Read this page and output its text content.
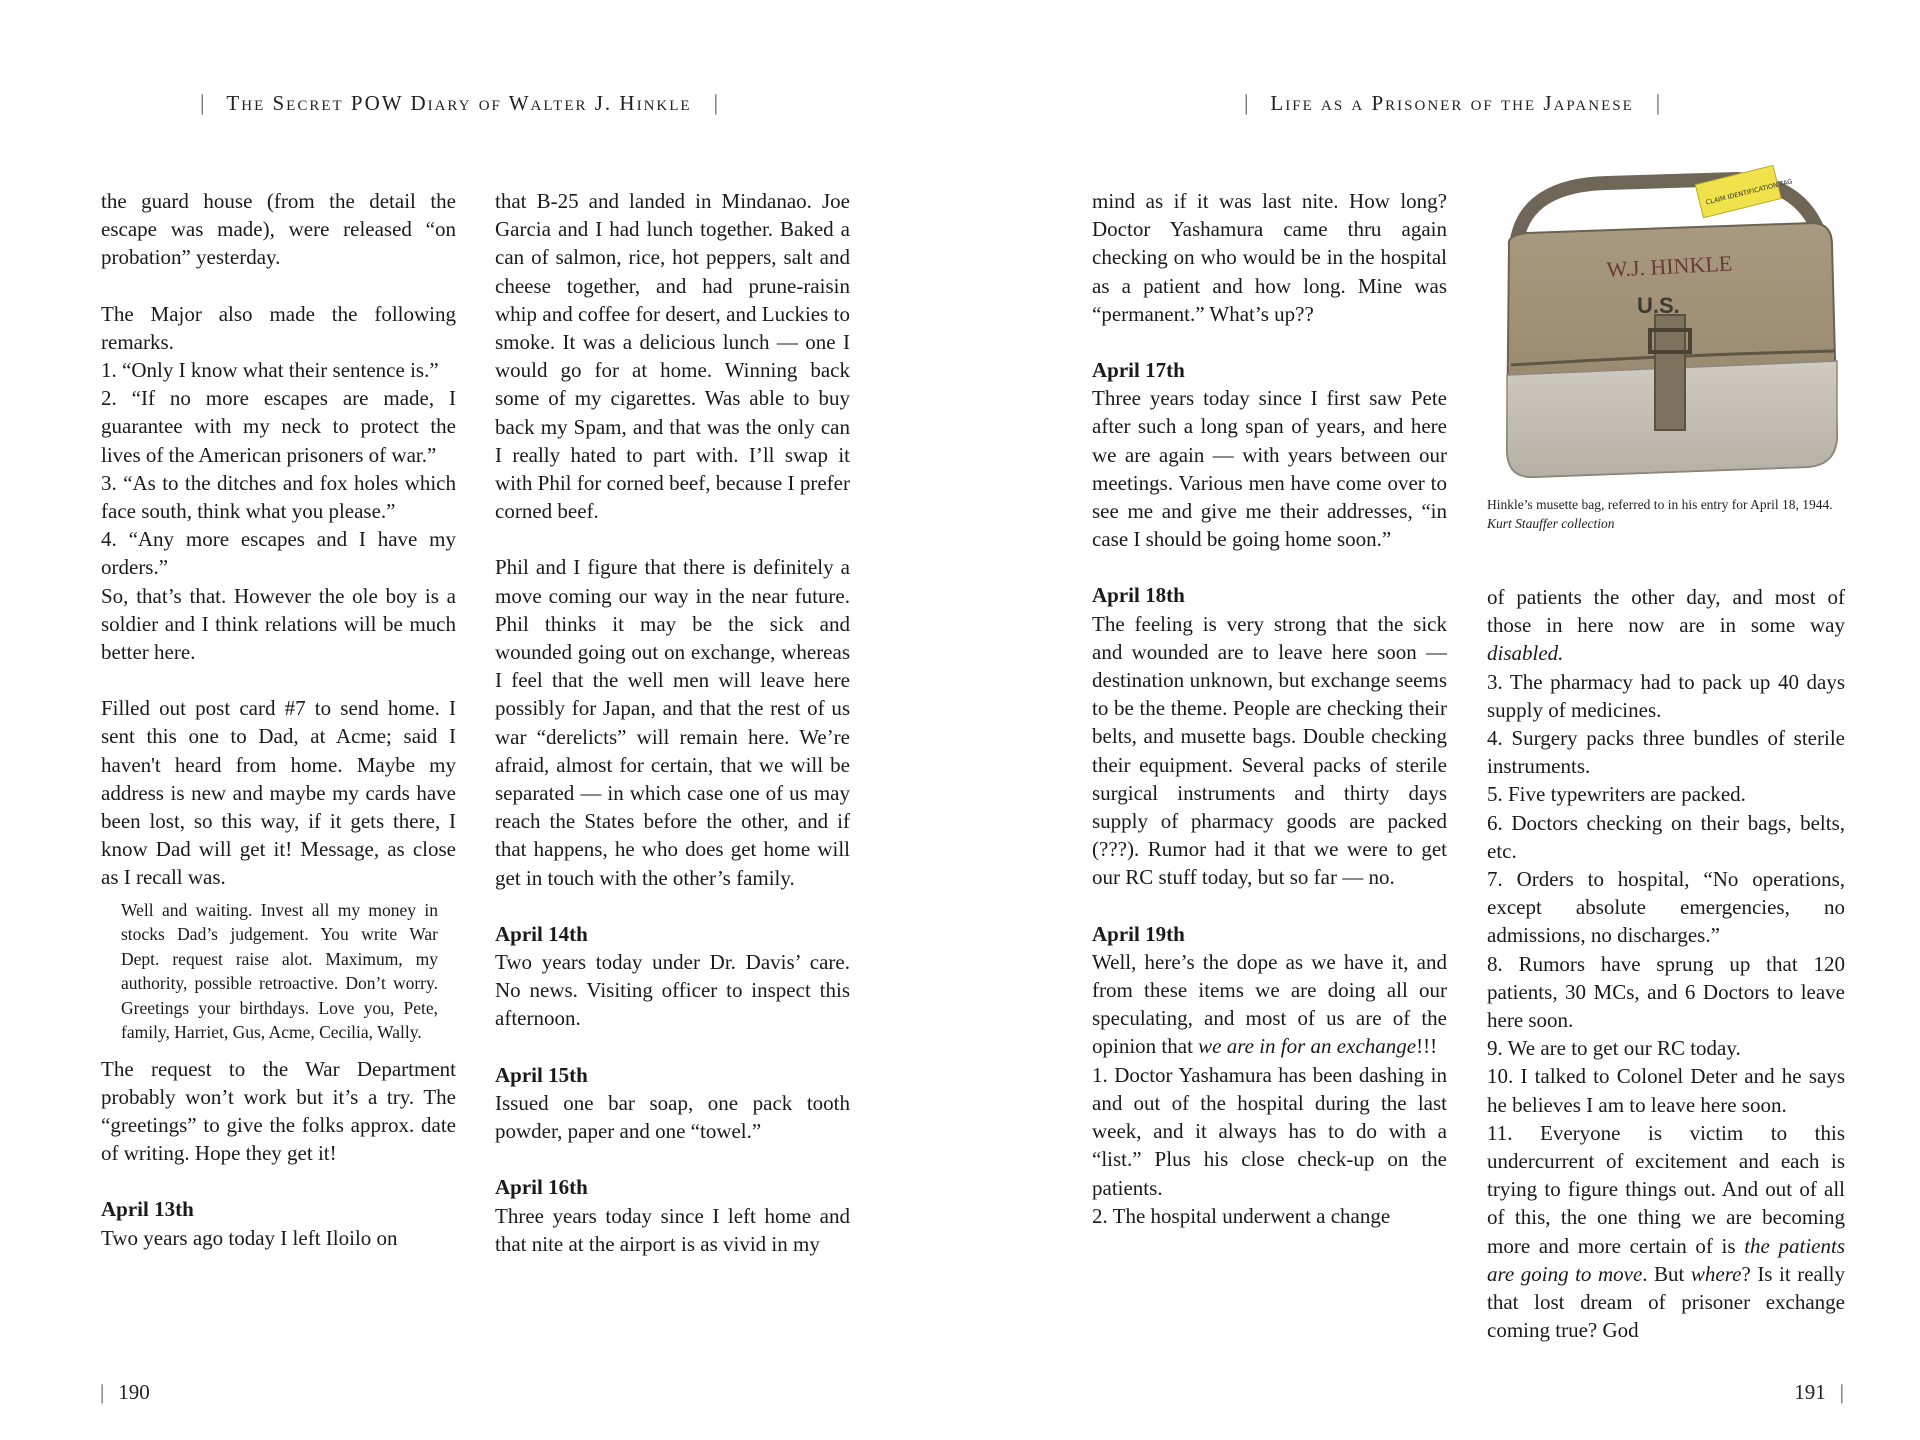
| The Secret POW Diary of Walter J. Hinkle |

the guard house (from the detail the escape was made), were released “on probation” yesterday.

The Major also made the following remarks.

1. “Only I know what their sentence is.”

2. “If no more escapes are made, I guarantee with my neck to protect the lives of the American prisoners of war.”

3. “As to the ditches and fox holes which face south, think what you please.”

4. “Any more escapes and I have my orders.”

So, that’s that. However the ole boy is a soldier and I think relations will be much better here.

Filled out post card #7 to send home. I sent this one to Dad, at Acme; said I haven't heard from home. Maybe my address is new and maybe my cards have been lost, so this way, if it gets there, I know Dad will get it! Message, as close as I recall was.

Well and waiting. Invest all my money in stocks Dad’s judgement. You write War Dept. request raise alot. Maximum, my authority, possible retroactive. Don’t worry. Greetings your birthdays. Love you, Pete, family, Harriet, Gus, Acme, Cecilia, Wally.

The request to the War Department probably won’t work but it’s a try. The “greetings” to give the folks approx. date of writing. Hope they get it!

April 13th

Two years ago today I left Iloilo on

that B-25 and landed in Mindanao. Joe Garcia and I had lunch together. Baked a can of salmon, rice, hot peppers, salt and cheese together, and had prune-raisin whip and coffee for desert, and Luckies to smoke. It was a delicious lunch — one I would go for at home. Winning back some of my cigarettes. Was able to buy back my Spam, and that was the only can I really hated to part with. I’ll swap it with Phil for corned beef, because I prefer corned beef.

Phil and I figure that there is definitely a move coming our way in the near future. Phil thinks it may be the sick and wounded going out on exchange, whereas I feel that the well men will leave here possibly for Japan, and that the rest of us war “derelicts” will remain here. We’re afraid, almost for certain, that we will be separated — in which case one of us may reach the States before the other, and if that happens, he who does get home will get in touch with the other’s family.

April 14th

Two years today under Dr. Davis’ care. No news. Visiting officer to inspect this afternoon.

April 15th

Issued one bar soap, one pack tooth powder, paper and one “towel.”

April 16th

Three years today since I left home and that nite at the airport is as vivid in my

| 190
| Life as a Prisoner of the Japanese |

mind as if it was last nite. How long? Doctor Yashamura came thru again checking on who would be in the hospital as a patient and how long. Mine was “permanent.” What’s up??

April 17th

Three years today since I first saw Pete after such a long span of years, and here we are again — with years between our meetings. Various men have come over to see me and give me their addresses, “in case I should be going home soon.”

April 18th

The feeling is very strong that the sick and wounded are to leave here soon — destination unknown, but exchange seems to be the theme. People are checking their belts, and musette bags. Double checking their equipment. Several packs of sterile surgical instruments and thirty days supply of pharmacy goods are packed (???). Rumor had it that we were to get our RC stuff today, but so far — no.

April 19th

Well, here’s the dope as we have it, and from these items we are doing all our speculating, and most of us are of the opinion that we are in for an exchange!!!

1. Doctor Yashamura has been dashing in and out of the hospital during the last week, and it always has to do with a “list.” Plus his close check-up on the patients.

2. The hospital underwent a change

W.J. HINKLE
U.S.
CLAIM IDENTIFICATION TAG
Hinkle’s musette bag, referred to in his entry for April 18, 1944. Kurt Stauffer collection

of patients the other day, and most of those in here now are in some way disabled.

3. The pharmacy had to pack up 40 days supply of medicines.

4. Surgery packs three bundles of sterile instruments.

5. Five typewriters are packed.

6. Doctors checking on their bags, belts, etc.

7. Orders to hospital, “No operations, except absolute emergencies, no admissions, no discharges.”

8. Rumors have sprung up that 120 patients, 30 MCs, and 6 Doctors to leave here soon.

9. We are to get our RC today.

10. I talked to Colonel Deter and he says he believes I am to leave here soon.

11. Everyone is victim to this undercurrent of excitement and each is trying to figure things out. And out of all of this, the one thing we are becoming more and more certain of is the patients are going to move. But where? Is it really that lost dream of prisoner exchange coming true? God

191 |
